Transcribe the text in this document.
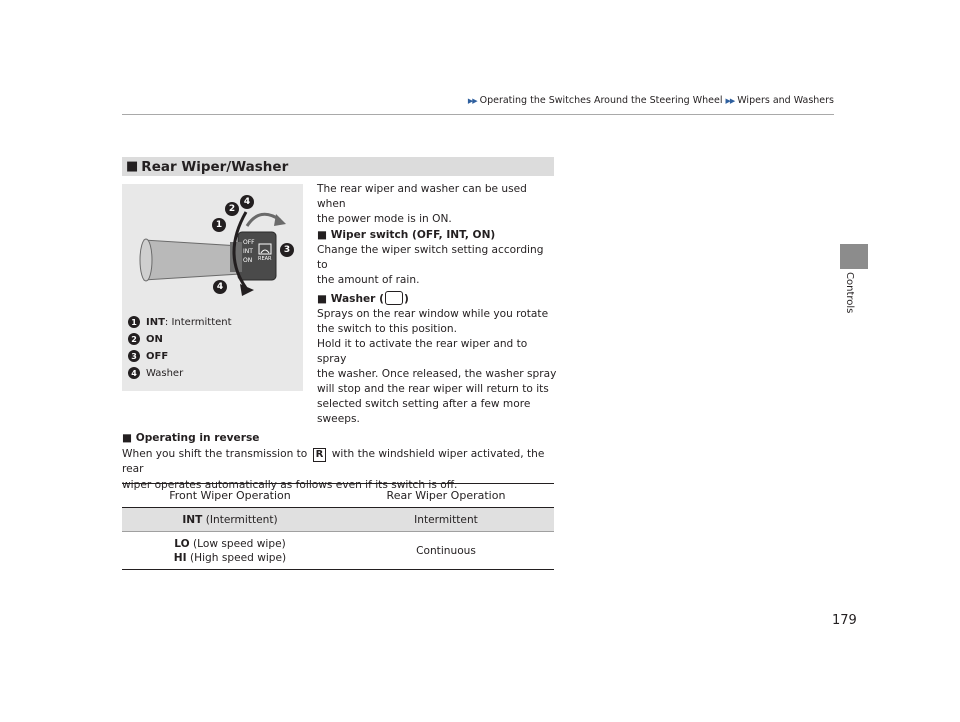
▶▶ Operating the Switches Around the Steering Wheel ▶▶ Wipers and Washers
Controls
■ Rear Wiper/Washer
OFF
INT
ON REAR
1
2
4
3
4
1 INT : Intermittent
2 ON
3 OFF
4 Washer
The rear wiper and washer can be used when
the power mode is in ON.
■ Wiper switch (OFF, INT, ON)
Change the wiper switch setting according to
the amount of rain.
■ Washer ( )
Sprays on the rear window while you rotate
the switch to this position.
Hold it to activate the rear wiper and to spray
the washer. Once released, the washer spray
will stop and the rear wiper will return to its
selected switch setting after a few more
sweeps.
■ Operating in reverse
When you shift the transmission to R with the windshield wiper activated, the rear
wiper operates automatically as follows even if its switch is off.
Front Wiper Operation	Rear Wiper Operation
INT (Intermittent)	Intermittent
LO (Low speed wipe)
HI (High speed wipe)
Continuous
179
